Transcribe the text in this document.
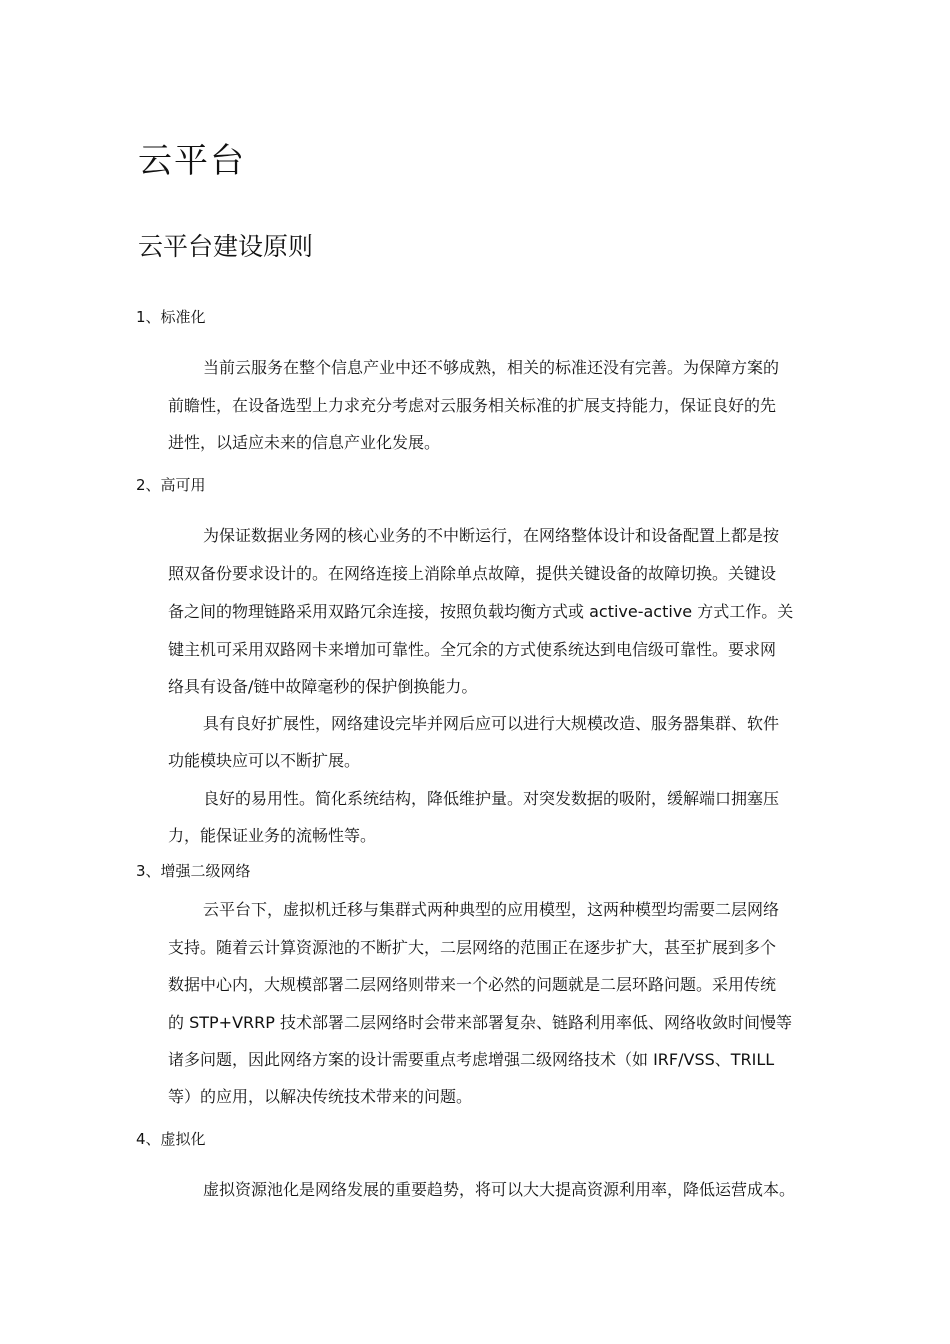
云平台
云平台建设原则
1、标准化
当前云服务在整个信息产业中还不够成熟，相关的标准还没有完善。为保障方案的
前瞻性，在设备选型上力求充分考虑对云服务相关标准的扩展支持能力，保证良好的先
进性，以适应未来的信息产业化发展。
2、高可用
为保证数据业务网的核心业务的不中断运行，在网络整体设计和设备配置上都是按
照双备份要求设计的。在网络连接上消除单点故障，提供关键设备的故障切换。关键设
备之间的物理链路采用双路冗余连接，按照负载均衡方式或 active-active 方式工作。关
键主机可采用双路网卡来增加可靠性。全冗余的方式使系统达到电信级可靠性。要求网
络具有设备/链中故障毫秒的保护倒换能力。
具有良好扩展性，网络建设完毕并网后应可以进行大规模改造、服务器集群、软件
功能模块应可以不断扩展。
良好的易用性。简化系统结构，降低维护量。对突发数据的吸附，缓解端口拥塞压
力，能保证业务的流畅性等。
3、增强二级网络
云平台下，虚拟机迁移与集群式两种典型的应用模型，这两种模型均需要二层网络
支持。随着云计算资源池的不断扩大，二层网络的范围正在逐步扩大，甚至扩展到多个
数据中心内，大规模部署二层网络则带来一个必然的问题就是二层环路问题。采用传统
的 STP+VRRP 技术部署二层网络时会带来部署复杂、链路利用率低、网络收敛时间慢等
诸多问题，因此网络方案的设计需要重点考虑增强二级网络技术（如 IRF/VSS、TRILL
等）的应用，以解决传统技术带来的问题。
4、虚拟化
虚拟资源池化是网络发展的重要趋势，将可以大大提高资源利用率，降低运营成本。
